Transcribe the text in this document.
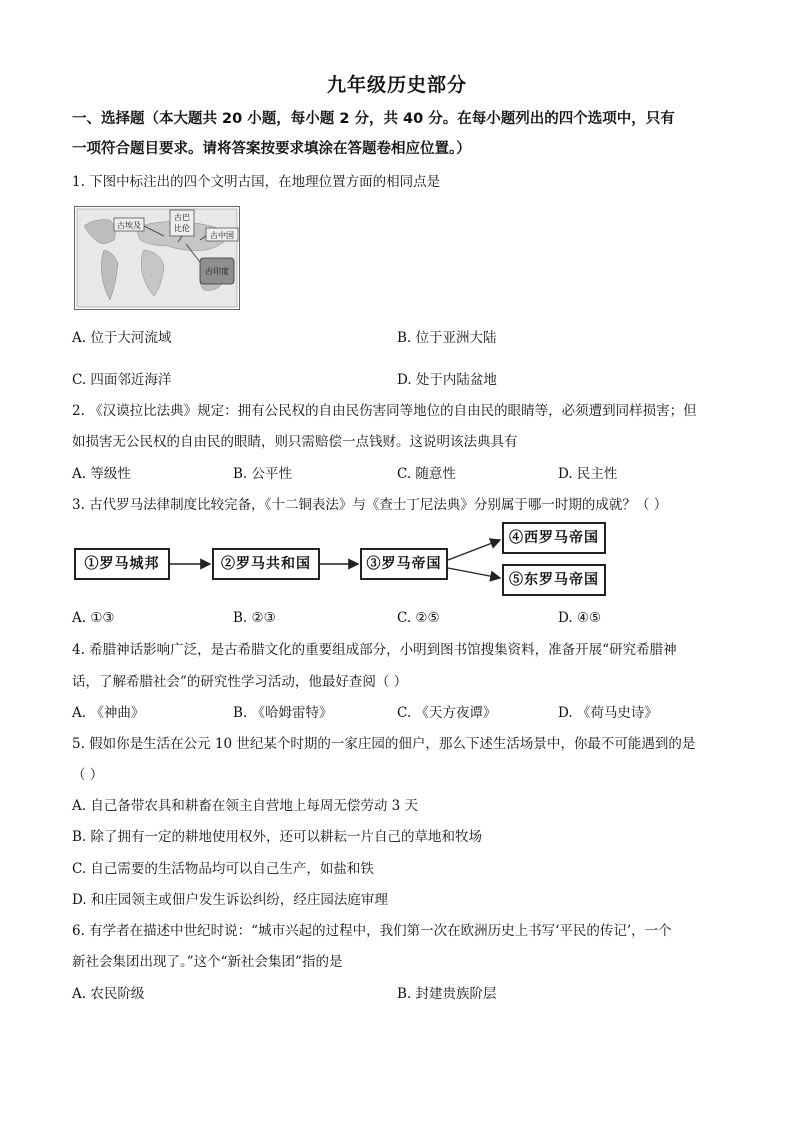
九年级历史部分
一、选择题（本大题共 20 小题，每小题 2 分，共 40 分。在每小题列出的四个选项中，只有
一项符合题目要求。请将答案按要求填涂在答题卷相应位置。）
1. 下图中标注出的四个文明古国，在地理位置方面的相同点是
古埃及
古巴
比伦
古中国
古印度
A. 位于大河流域	B. 位于亚洲大陆
C. 四面邻近海洋	D. 处于内陆盆地
2. 《汉谟拉比法典》规定：拥有公民权的自由民伤害同等地位的自由民的眼睛等，必须遭到同样损害；但
如损害无公民权的自由民的眼睛，则只需赔偿一点钱财。这说明该法典具有
A. 等级性	B. 公平性	C. 随意性	D. 民主性
3. 古代罗马法律制度比较完备，《十二铜表法》与《查士丁尼法典》分别属于哪一时期的成就？（ ）
①罗马城邦	②罗马共和国	③罗马帝国
④西罗马帝国
⑤东罗马帝国
A. ①③	B. ②③	C. ②⑤	D. ④⑤
4. 希腊神话影响广泛，是古希腊文化的重要组成部分，小明到图书馆搜集资料，准备开展“研究希腊神
话，了解希腊社会”的研究性学习活动，他最好查阅（ ）
A. 《神曲》	B. 《哈姆雷特》	C. 《天方夜谭》	D. 《荷马史诗》
5. 假如你是生活在公元 10 世纪某个时期的一家庄园的佃户，那么下述生活场景中，你最不可能遇到的是
（ ）
A. 自己备带农具和耕畜在领主自营地上每周无偿劳动 3 天
B. 除了拥有一定的耕地使用权外，还可以耕耘一片自己的草地和牧场
C. 自己需要的生活物品均可以自己生产，如盐和铁
D. 和庄园领主或佃户发生诉讼纠纷，经庄园法庭审理
6. 有学者在描述中世纪时说：“城市兴起的过程中，我们第一次在欧洲历史上书写‘平民的传记’，一个
新社会集团出现了。”这个“新社会集团”指的是
A. 农民阶级	B. 封建贵族阶层
